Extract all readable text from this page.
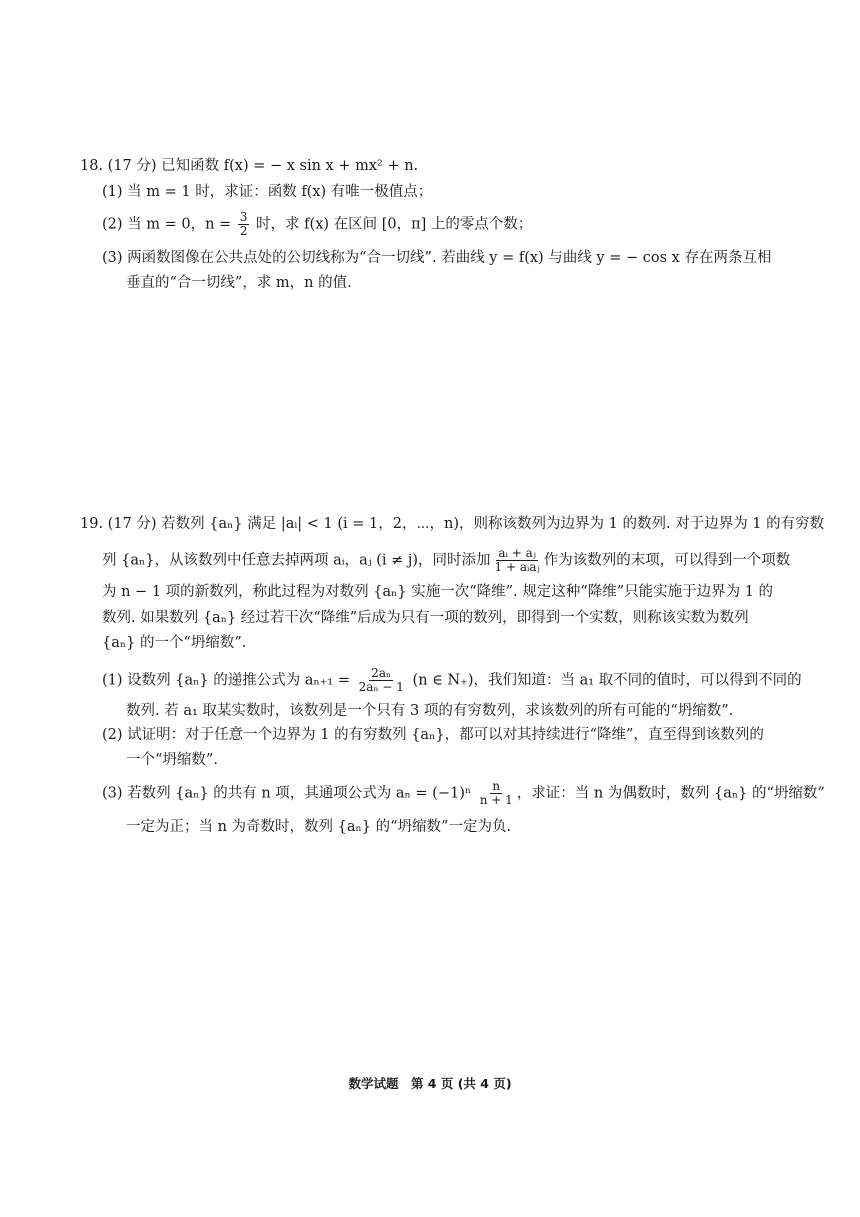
18. (17 分) 已知函数 f(x) = − x sin x + mx² + n.
(1) 当 m = 1 时，求证：函数 f(x) 有唯一极值点；
(2) 当 m = 0，$n = \frac{3}{2}$ 时，求 f(x) 在区间 [0，π] 上的零点个数；
(3) 两函数图像在公共点处的公切线称为“合一切线”. 若曲线 y = f(x) 与曲线 y = − cos x 存在两条互相
垂直的“合一切线”，求 m，n 的值.
19. (17 分) 若数列 {aₙ} 满足 |aᵢ| < 1 (i = 1，2，⋯，n)，则称该数列为边界为 1 的数列. 对于边界为 1 的有穷数
列 {aₙ}，从该数列中任意去掉两项 aᵢ，aⱼ (i ≠ j)，同时添加 $\frac{\text{aᵢ + aⱼ}}{\text{1 + aᵢaⱼ}}$ 作为该数列的末项，可以得到一个项数
为 n − 1 项的新数列，称此过程为对数列 {aₙ} 实施一次“降维”. 规定这种“降维”只能实施于边界为 1 的
数列. 如果数列 {aₙ} 经过若干次“降维”后成为只有一项的数列，即得到一个实数，则称该实数为数列
{aₙ} 的一个“坍缩数”.
(1) 设数列 {aₙ} 的递推公式为 $a_{n+1} = \frac{\text{2aₙ}}{\text{2aₙ − 1}} (n$ ∈ N₊)，我们知道：当 a₁ 取不同的值时，可以得到不同的
数列. 若 a₁ 取某实数时，该数列是一个只有 3 项的有穷数列，求该数列的所有可能的“坍缩数”.
(2) 试证明：对于任意一个边界为 1 的有穷数列 {aₙ}，都可以对其持续进行“降维”，直至得到该数列的
一个“坍缩数”.
(3) 若数列 {aₙ} 的共有 n 项，其通项公式为 $a_n = (-1)^n \frac{n}{n + 1}$ ，求证：当 n 为偶数时，数列 {aₙ} 的“坍缩数”
一定为正；当 n 为奇数时，数列 {aₙ} 的“坍缩数”一定为负.
数学试题　第 4 页 (共 4 页)
